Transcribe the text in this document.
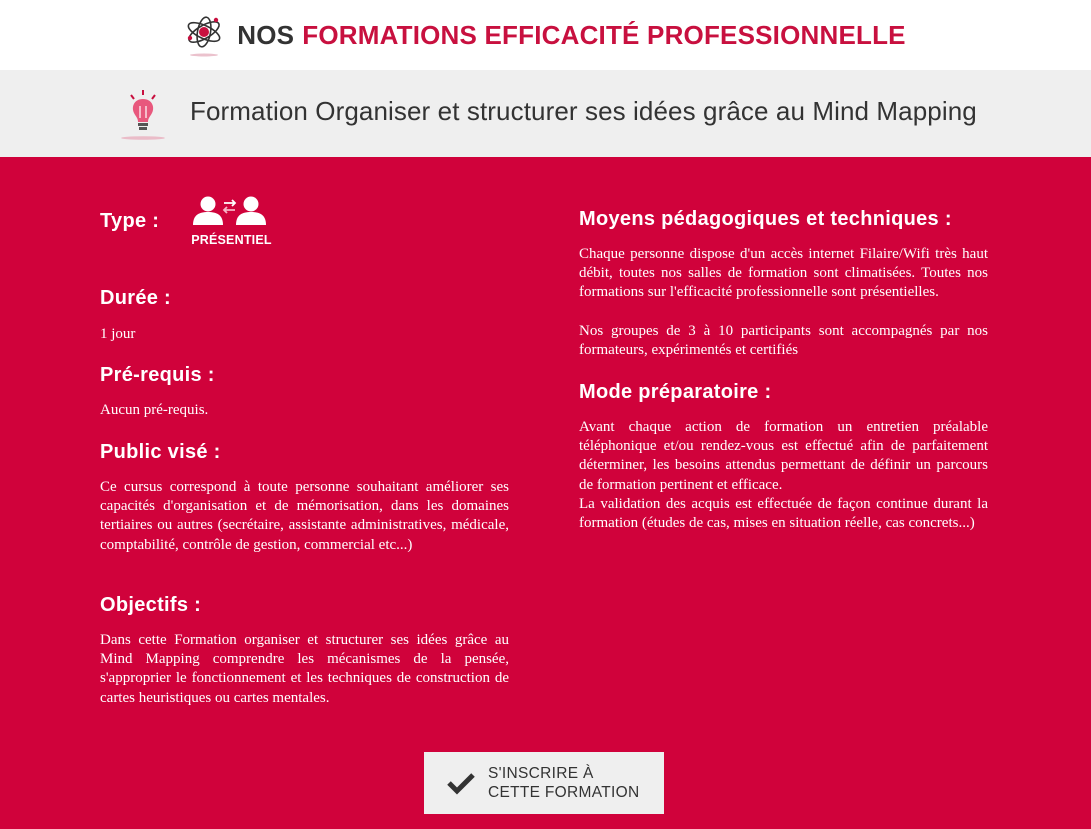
NOS FORMATIONS EFFICACITÉ PROFESSIONNELLE
Formation Organiser et structurer ses idées grâce au Mind Mapping
Type :
PRÉSENTIEL
Durée :
1 jour
Pré-requis :
Aucun pré-requis.
Public visé :
Ce cursus correspond à toute personne souhaitant améliorer ses capacités d'organisation et de mémorisation, dans les domaines tertiaires ou autres (secrétaire, assistante administratives, médicale, comptabilité, contrôle de gestion, commercial etc...)
Objectifs :
Dans cette Formation organiser et structurer ses idées grâce au Mind Mapping comprendre les mécanismes de la pensée, s'approprier le fonctionnement et les techniques de construction de cartes heuristiques ou cartes mentales.
Moyens pédagogiques et techniques :
Chaque personne dispose d'un accès internet Filaire/Wifi très haut débit, toutes nos salles de formation sont climatisées. Toutes nos formations sur l'efficacité professionnelle sont présentielles.
Nos groupes de 3 à 10 participants sont accompagnés par nos formateurs, expérimentés et certifiés
Mode préparatoire :
Avant chaque action de formation un entretien préalable téléphonique et/ou rendez-vous est effectué afin de parfaitement déterminer, les besoins attendus permettant de définir un parcours de formation pertinent et efficace.
La validation des acquis est effectuée de façon continue durant la formation (études de cas, mises en situation réelle, cas concrets...)
S'INSCRIRE À
CETTE FORMATION
